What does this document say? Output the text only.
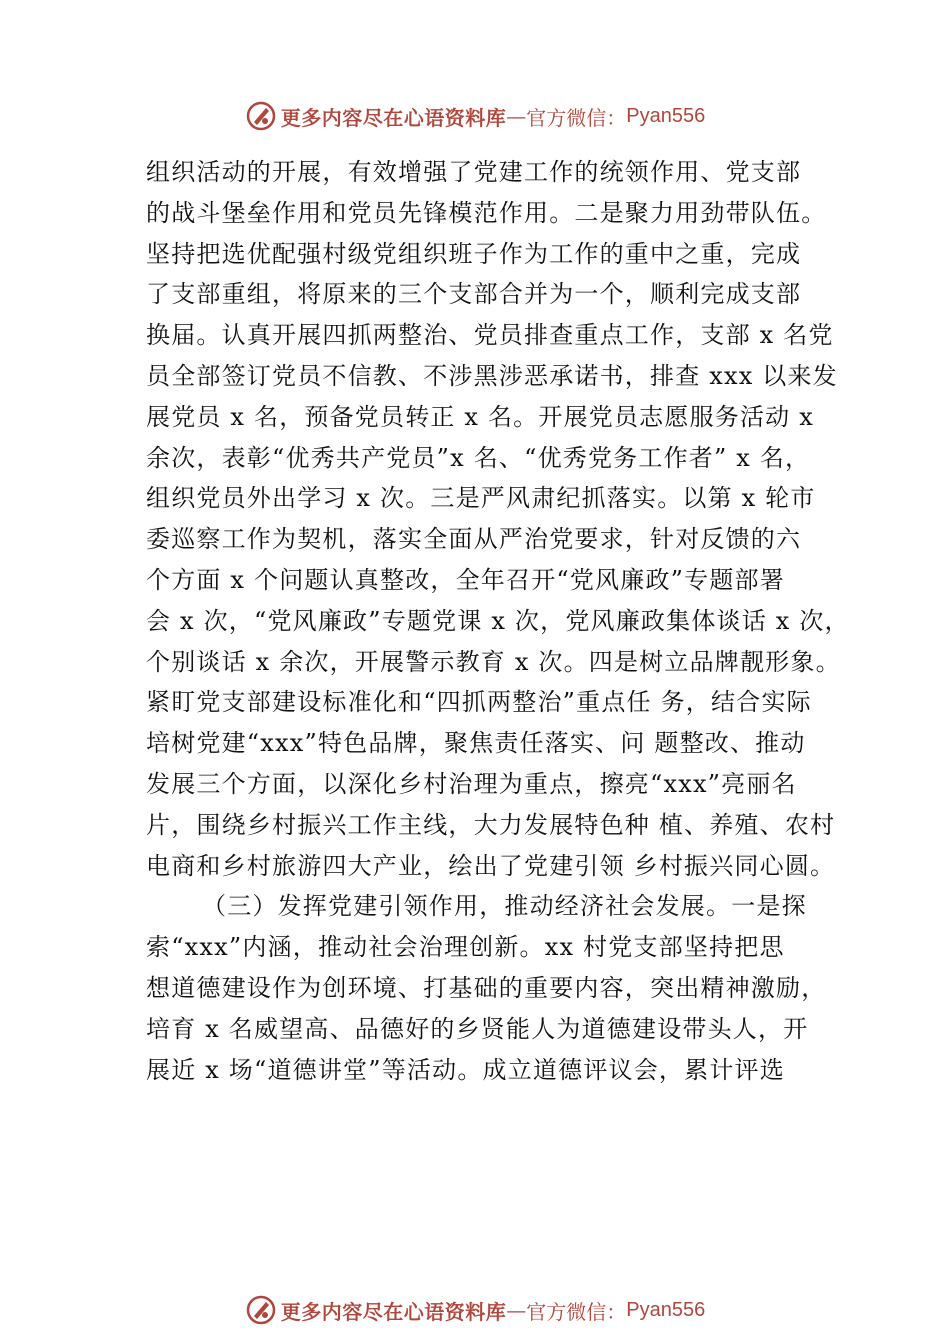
更多内容尽在心语资料库 — 官方微信： Pyan556
组织活动的开展，有效增强了党建工作的统领作用、党支部
的战斗堡垒作用和党员先锋模范作用。二是聚力用劲带队伍。
坚持把选优配强村级党组织班子作为工作的重中之重，完成
了支部重组，将原来的三个支部合并为一个，顺利完成支部
换届。认真开展四抓两整治、党员排查重点工作，支部 x 名党
员全部签订党员不信教、不涉黑涉恶承诺书，排查 xxx 以来发
展党员 x 名，预备党员转正 x 名。开展党员志愿服务活动 x
余次，表彰“优秀共产党员”x 名、“优秀党务工作者” x 名，
组织党员外出学习 x 次。三是严风肃纪抓落实。以第 x 轮市
委巡察工作为契机，落实全面从严治党要求，针对反馈的六
个方面 x 个问题认真整改，全年召开“党风廉政”专题部署
会 x 次，“党风廉政”专题党课 x 次，党风廉政集体谈话 x 次，
个别谈话 x 余次，开展警示教育 x 次。四是树立品牌靓形象。
紧盯党支部建设标准化和“四抓两整治”重点任 务，结合实际
培树党建“xxx”特色品牌，聚焦责任落实、问 题整改、推动
发展三个方面，以深化乡村治理为重点，擦亮“xxx”亮丽名
片，围绕乡村振兴工作主线，大力发展特色种 植、养殖、农村
电商和乡村旅游四大产业，绘出了党建引领 乡村振兴同心圆。
（三）发挥党建引领作用，推动经济社会发展。一是探
索“xxx”内涵，推动社会治理创新。xx 村党支部坚持把思
想道德建设作为创环境、打基础的重要内容，突出精神激励，
培育 x 名威望高、品德好的乡贤能人为道德建设带头人，开
展近 x 场“道德讲堂”等活动。成立道德评议会，累计评选
更多内容尽在心语资料库 — 官方微信： Pyan556
